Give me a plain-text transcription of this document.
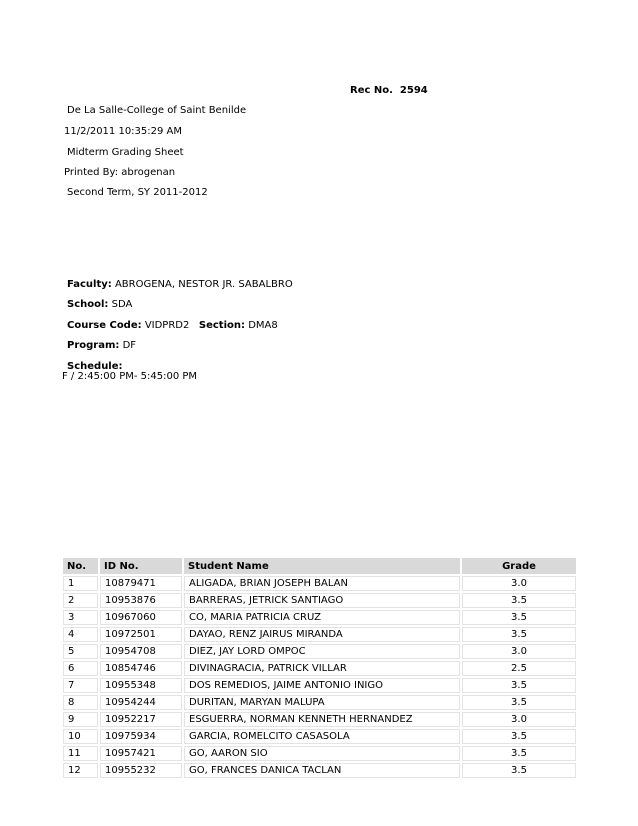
Rec No. 2594
De La Salle-College of Saint Benilde
11/2/2011 10:35:29 AM
Midterm Grading Sheet
Printed By: abrogenan
Second Term, SY 2011-2012
Faculty: ABROGENA, NESTOR JR. SABALBRO
School: SDA
Course Code: VIDPRD2 Section: DMA8
Program: DF
Schedule:
F / 2:45:00 PM- 5:45:00 PM
No.	ID No.	Student Name	Grade
1	10879471	ALIGADA, BRIAN JOSEPH BALAN	3.0
2	10953876	BARRERAS, JETRICK SANTIAGO	3.5
3	10967060	CO, MARIA PATRICIA CRUZ	3.5
4	10972501	DAYAO, RENZ JAIRUS MIRANDA	3.5
5	10954708	DIEZ, JAY LORD OMPOC	3.0
6	10854746	DIVINAGRACIA, PATRICK VILLAR	2.5
7	10955348	DOS REMEDIOS, JAIME ANTONIO INIGO	3.5
8	10954244	DURITAN, MARYAN MALUPA	3.5
9	10952217	ESGUERRA, NORMAN KENNETH HERNANDEZ	3.0
10	10975934	GARCIA, ROMELCITO CASASOLA	3.5
11	10957421	GO, AARON SIO	3.5
12	10955232	GO, FRANCES DANICA TACLAN	3.5
